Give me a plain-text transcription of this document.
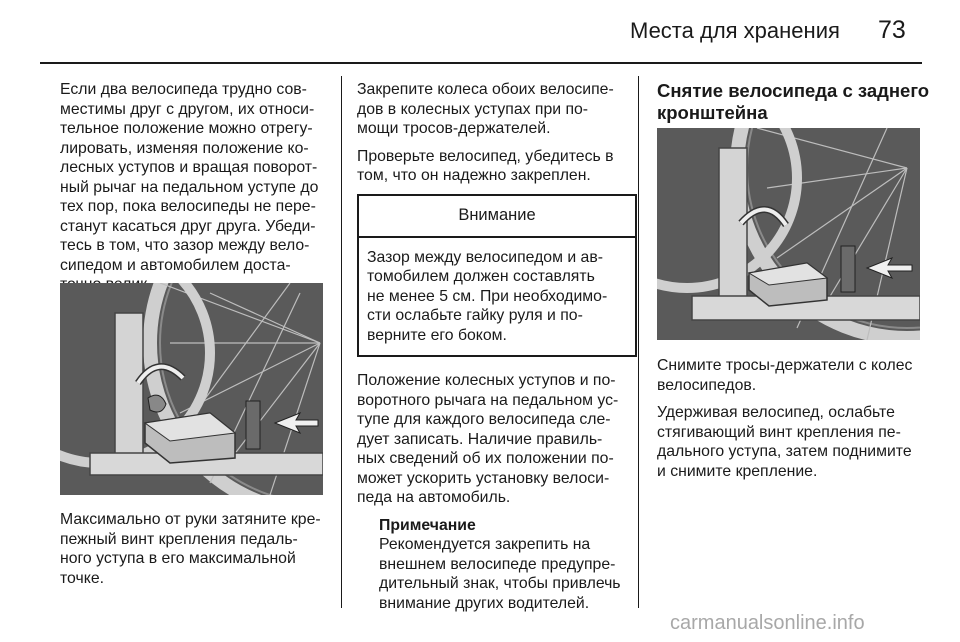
Места для хранения 73

Если два велосипеда трудно сов-
местимы друг с другом, их относи-
тельное положение можно отрегу-
лировать, изменяя положение ко-
лесных уступов и вращая поворот-
ный рычаг на педальном уступе до
тех пор, пока велосипеды не пере-
станут касаться друг друга. Убеди-
тесь в том, что зазор между вело-
сипедом и автомобилем доста-

Максимально от руки затяните кре-
пежный винт крепления педаль-
ного уступа в его максимальной
точке.

Закрепите колеса обоих велосипе-
дов в колесных уступах при по-
мощи тросов-держателей.

Проверьте велосипед, убедитесь в
том, что он надежно закреплен.

Внимание
Зазор между велосипедом и ав-
томобилем должен составлять
не менее 5 см. При необходимо-
сти ослабьте гайку руля и по-
верните его боком.

Положение колесных уступов и по-
воротного рычага на педальном ус-
тупе для каждого велосипеда сле-
дует записать. Наличие правиль-
ных сведений об их положении по-
может ускорить установку велоси-
педа на автомобиль.

Примечание
Рекомендуется закрепить на
внешнем велосипеде предупре-
дительный знак, чтобы привлечь
внимание других водителей.
Снятие велосипеда с заднего
кронштейна

Снимите тросы-держатели с колес
велосипедов.

Удерживая велосипед, ослабьте
стягивающий винт крепления пе-
дального уступа, затем поднимите
и снимите крепление.

carmanualsonline.info
